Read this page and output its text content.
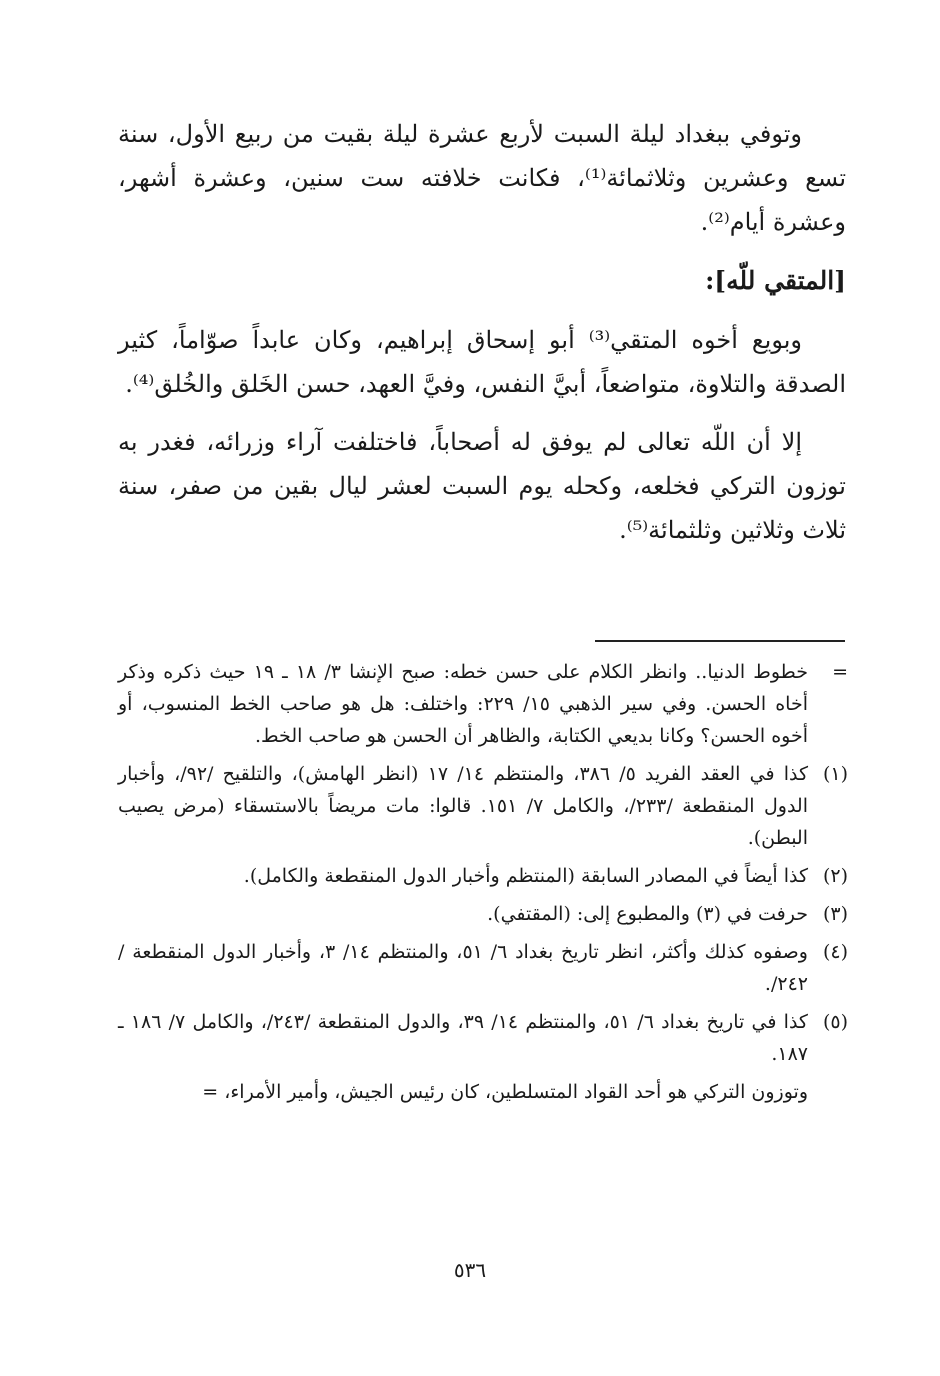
وتوفي ببغداد ليلة السبت لأربع عشرة ليلة بقيت من ربيع الأول، سنة تسع وعشرين وثلاثمائة⁽¹⁾، فكانت خلافته ست سنين، وعشرة أشهر، وعشرة أيام⁽²⁾.

[المتقي للّه]:

وبويع أخوه المتقي⁽³⁾ أبو إسحاق إبراهيم، وكان عابداً صوّاماً، كثير الصدقة والتلاوة، متواضعاً، أبيَّ النفس، وفيَّ العهد، حسن الخَلق والخُلق⁽⁴⁾.

إلا أن اللّه تعالى لم يوفق له أصحاباً، فاختلفت آراء وزرائه، فغدر به توزون التركي فخلعه، وكحله يوم السبت لعشر ليال بقين من صفر، سنة ثلاث وثلاثين وثلثمائة⁽⁵⁾.

=
خطوط الدنيا.. وانظر الكلام على حسن خطه: صبح الإنشا ٣/ ١٨ ـ ١٩ حيث ذكره وذكر أخاه الحسن. وفي سير الذهبي ١٥/ ٢٢٩: واختلف: هل هو صاحب الخط المنسوب، أو أخوه الحسن؟ وكانا بديعي الكتابة، والظاهر أن الحسن هو صاحب الخط.
(١)
كذا في العقد الفريد ٥/ ٣٨٦، والمنتظم ١٤/ ١٧ (انظر الهامش)، والتلقيح /٩٢/، وأخبار الدول المنقطعة /٢٣٣/، والكامل ٧/ ١٥١. قالوا: مات مريضاً بالاستسقاء (مرض يصيب البطن).
(٢)
كذا أيضاً في المصادر السابقة (المنتظم وأخبار الدول المنقطعة والكامل).
(٣)
حرفت في (٣) والمطبوع إلى: (المقتفي).
(٤)
وصفوه كذلك وأكثر، انظر تاريخ بغداد ٦/ ٥١، والمنتظم ١٤/ ٣، وأخبار الدول المنقطعة /٢٤٢/.
(٥)
كذا في تاريخ بغداد ٦/ ٥١، والمنتظم ١٤/ ٣٩، والدول المنقطعة /٢٤٣/، والكامل ٧/ ١٨٦ ـ ١٨٧.
وتوزون التركي هو أحد القواد المتسلطين، كان رئيس الجيش، وأمير الأمراء، =
٥٣٦
